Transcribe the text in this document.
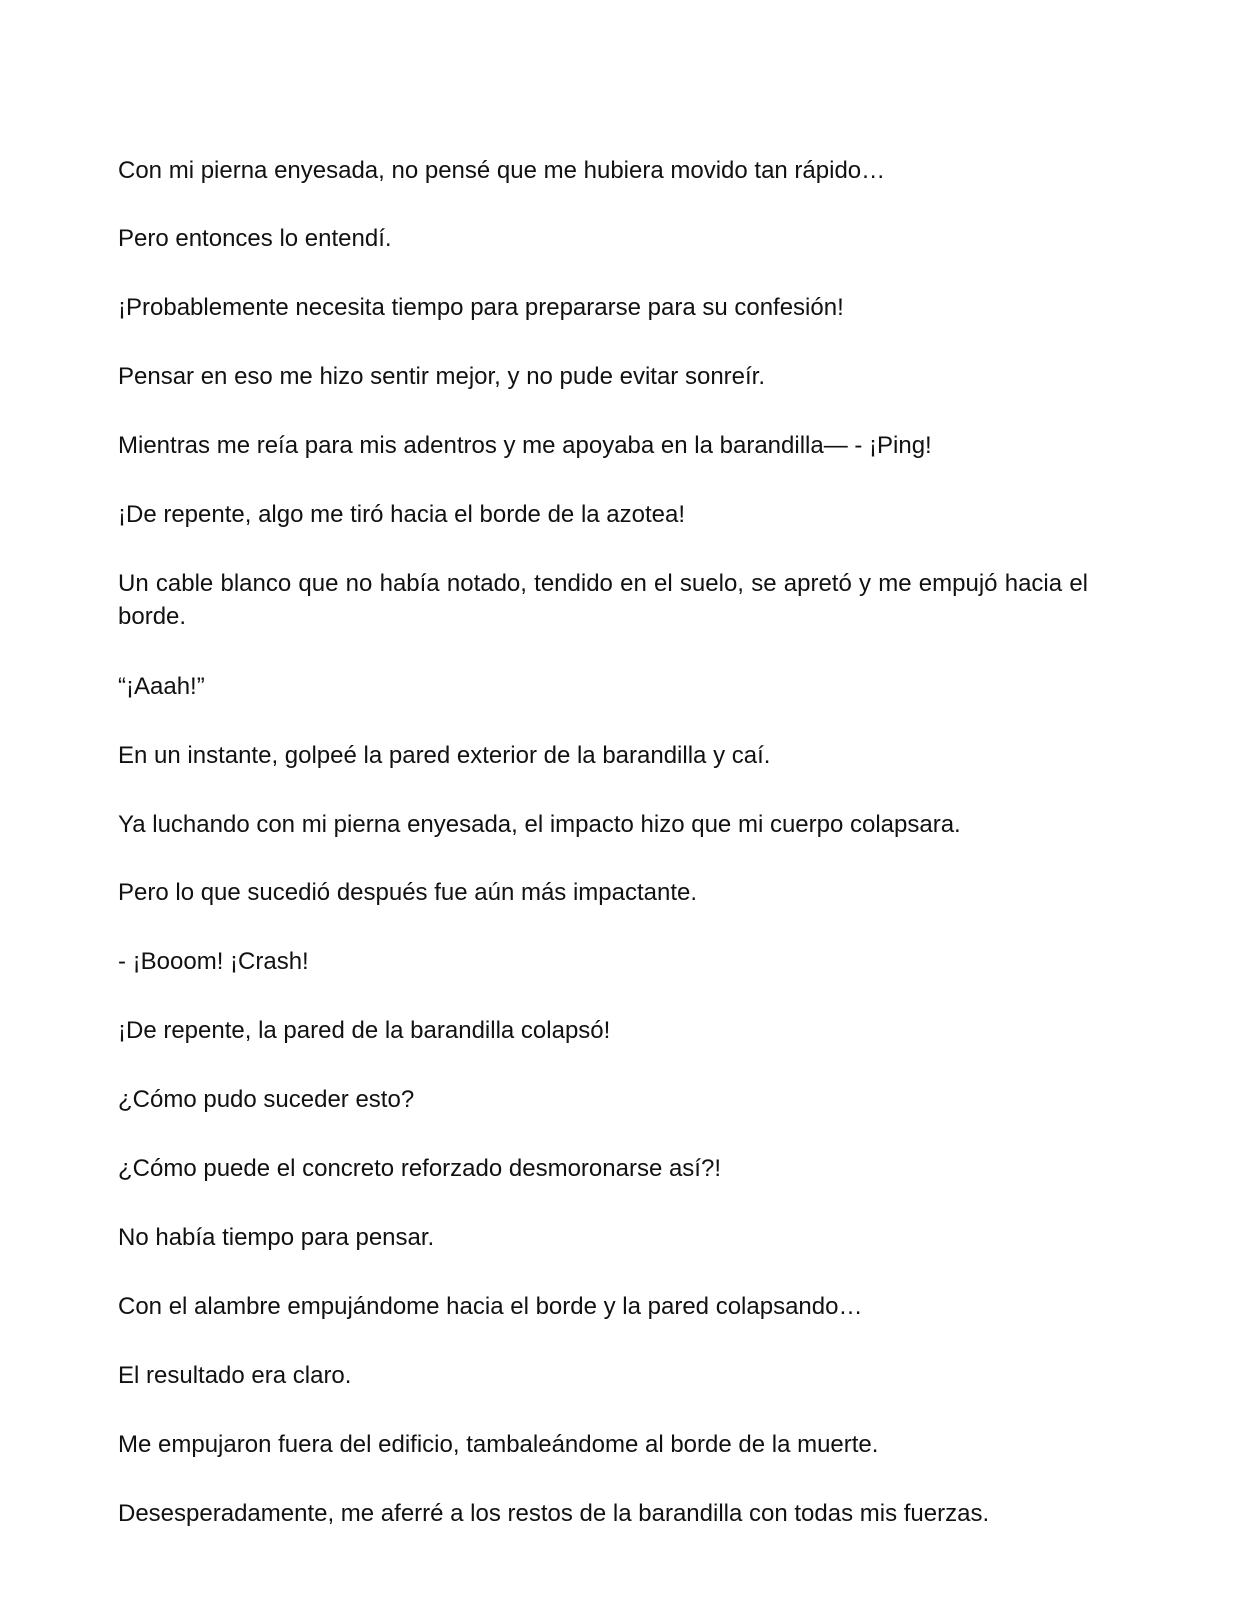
Con mi pierna enyesada, no pensé que me hubiera movido tan rápido…

Pero entonces lo entendí.

¡Probablemente necesita tiempo para prepararse para su confesión!

Pensar en eso me hizo sentir mejor, y no pude evitar sonreír.

Mientras me reía para mis adentros y me apoyaba en la barandilla— - ¡Ping!

¡De repente, algo me tiró hacia el borde de la azotea!

Un cable blanco que no había notado, tendido en el suelo, se apretó y me empujó hacia el borde.

“¡Aaah!”

En un instante, golpeé la pared exterior de la barandilla y caí.

Ya luchando con mi pierna enyesada, el impacto hizo que mi cuerpo colapsara.

Pero lo que sucedió después fue aún más impactante.

- ¡Booom! ¡Crash!

¡De repente, la pared de la barandilla colapsó!

¿Cómo pudo suceder esto?

¿Cómo puede el concreto reforzado desmoronarse así?!

No había tiempo para pensar.

Con el alambre empujándome hacia el borde y la pared colapsando…

El resultado era claro.

Me empujaron fuera del edificio, tambaleándome al borde de la muerte.

Desesperadamente, me aferré a los restos de la barandilla con todas mis fuerzas.
